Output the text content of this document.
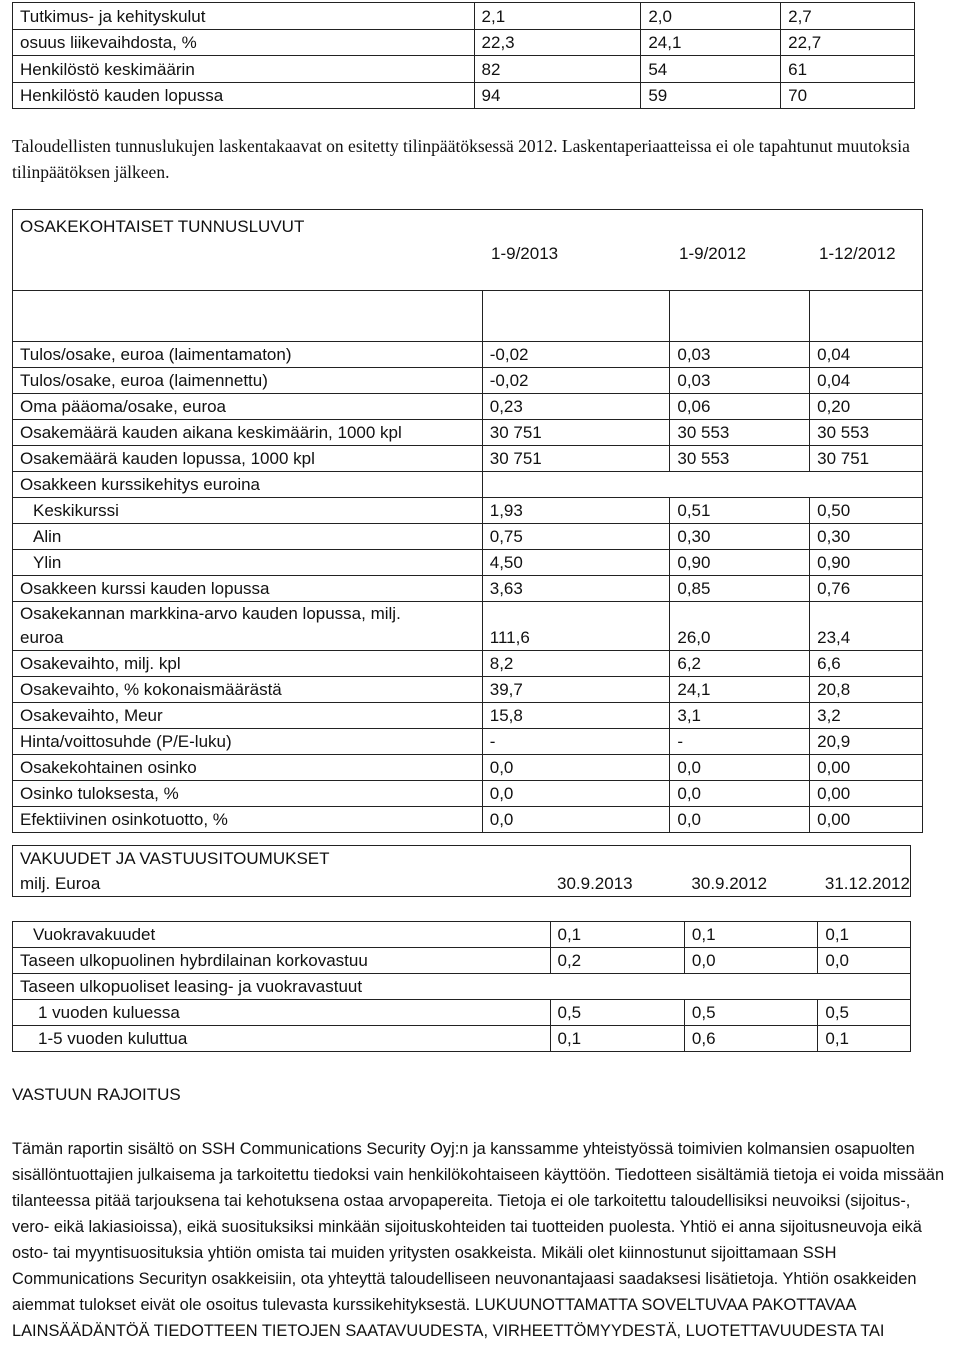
Tutkimus- ja kehityskulut	2,1	2,0	2,7
osuus liikevaihdosta, %	22,3	24,1	22,7
Henkilöstö keskimäärin	82	54	61
Henkilöstö kauden lopussa	94	59	70
Taloudellisten tunnuslukujen laskentakaavat on esitetty tilinpäätöksessä 2012. Laskentaperiaatteissa ei ole tapahtunut muutoksia tilinpäätöksen jälkeen.
OSAKEKOHTAISET TUNNUSLUVUT
1-9/2013 1-9/2012 1-12/2012			

Tulos/osake, euroa (laimentamaton)	-0,02	0,03	0,04
Tulos/osake, euroa (laimennettu)	-0,02	0,03	0,04
Oma pääoma/osake, euroa	0,23	0,06	0,20
Osakemäärä kauden aikana keskimäärin, 1000 kpl	30 751	30 553	30 553
Osakemäärä kauden lopussa, 1000 kpl	30 751	30 553	30 751
Osakkeen kurssikehitys euroina			
Keskikurssi	1,93	0,51	0,50
Alin	0,75	0,30	0,30
Ylin	4,50	0,90	0,90
Osakkeen kurssi kauden lopussa	3,63	0,85	0,76
Osakekannan markkina-arvo kauden lopussa, milj. euroa	111,6	26,0	23,4
Osakevaihto, milj. kpl	8,2	6,2	6,6
Osakevaihto, % kokonaismäärästä	39,7	24,1	20,8
Osakevaihto, Meur	15,8	3,1	3,2
Hinta/voittosuhde (P/E-luku)	-	-	20,9
Osakekohtainen osinko	0,0	0,0	0,00
Osinko tuloksesta, %	0,0	0,0	0,00
Efektiivinen osinkotuotto, %	0,0	0,0	0,00
VAKUUDET JA VASTUUSITOUMUKSET			
milj. Euroa	30.9.2013	30.9.2012	31.12.2012

Vuokravakuudet	0,1	0,1	0,1
Taseen ulkopuolinen hybrdilainan korkovastuu	0,2	0,0	0,0
Taseen ulkopuoliset leasing- ja vuokravastuut			
1 vuoden kuluessa	0,5	0,5	0,5
1-5 vuoden kuluttua	0,1	0,6	0,1
VASTUUN RAJOITUS
Tämän raportin sisältö on SSH Communications Security Oyj:n ja kanssamme yhteistyössä toimivien kolmansien osapuolten sisällöntuottajien julkaisema ja tarkoitettu tiedoksi vain henkilökohtaiseen käyttöön. Tiedotteen sisältämiä tietoja ei voida missään tilanteessa pitää tarjouksena tai kehotuksena ostaa arvopapereita. Tietoja ei ole tarkoitettu taloudellisiksi neuvoiksi (sijoitus-, vero- eikä lakiasioissa), eikä suosituksiksi minkään sijoituskohteiden tai tuotteiden puolesta. Yhtiö ei anna sijoitusneuvoja eikä osto- tai myyntisuosituksia yhtiön omista tai muiden yritysten osakkeista. Mikäli olet kiinnostunut sijoittamaan SSH Communications Securityn osakkeisiin, ota yhteyttä taloudelliseen neuvonantajaasi saadaksesi lisätietoja. Yhtiön osakkeiden aiemmat tulokset eivät ole osoitus tulevasta kurssikehityksestä. LUKUUNOTTAMATTA SOVELTUVAA PAKOTTAVAA LAINSÄÄDÄNTÖÄ TIEDOTTEEN TIETOJEN SAATAVUUDESTA, VIRHEETTÖMYYDESTÄ, LUOTETTAVUUDESTA TAI
